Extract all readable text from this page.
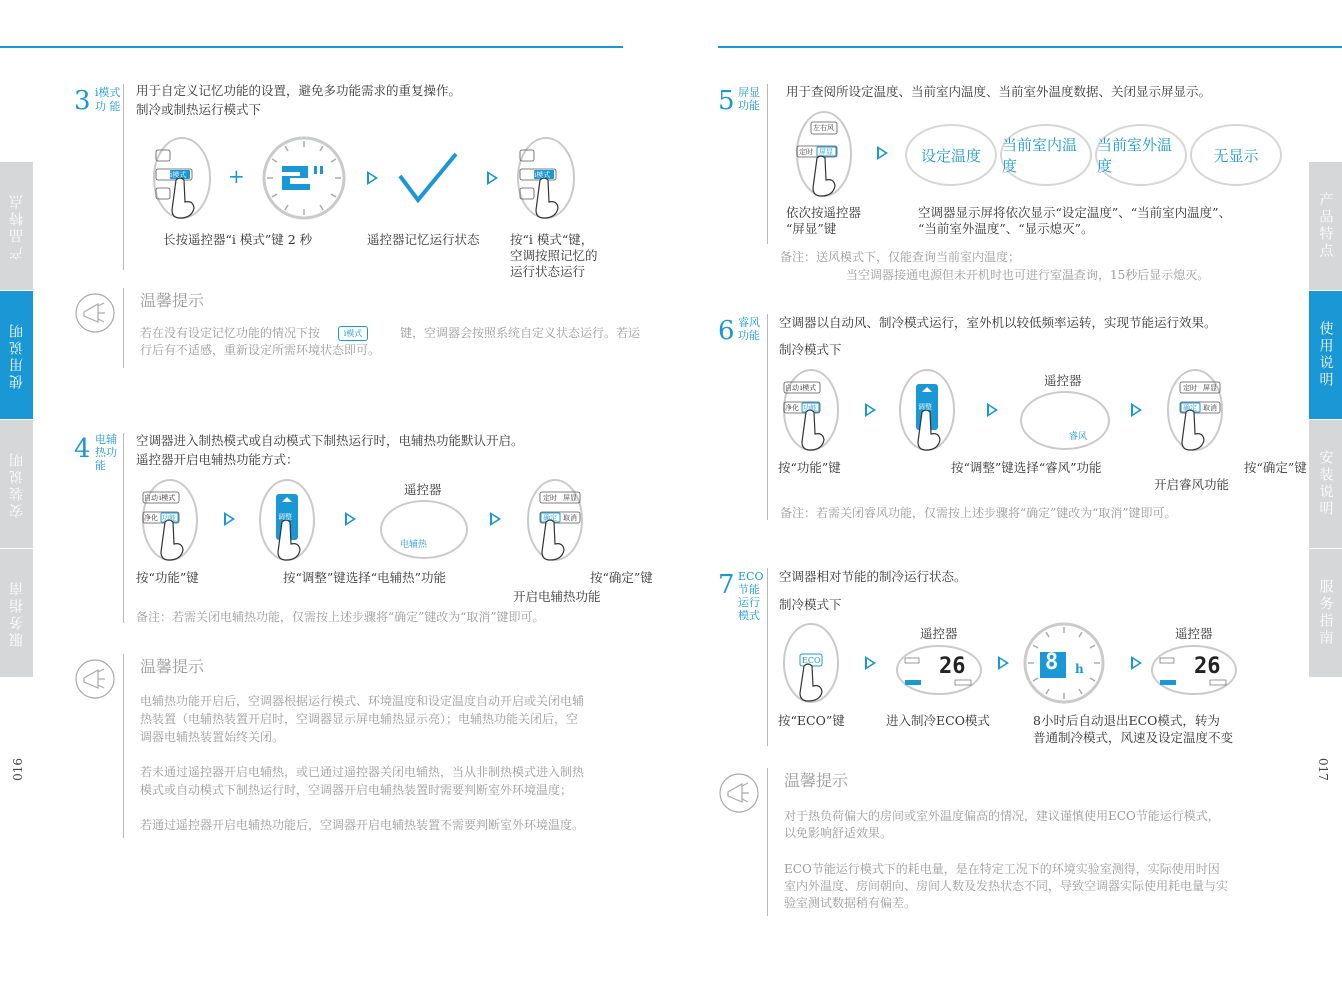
产品特点
使用说明
安装说明
服务指南
产品特点
使用说明
安装说明
服务指南
016	017
3 i模式
功 能
用于自定义记忆功能的设置，避免多功能需求的重复操作。
制冷或制热运行模式下
i模式 +	i模式
长按遥控器“i 模式”键 2 秒	遥控器记忆运行状态 按“i 模式“键，
空调按照记忆的
运行状态运行
温馨提示
若在没有设定记忆功能的情况下按	i模式	键，空调器会按照系统自定义状态运行。若运
行后有不适感，重新设定所需环境状态即可。
4 电辅
热功
能
空调器进入制热模式或自动模式下制热运行时，电辅热功能默认开启。
遥控器开启电辅热功能方式：
自动 i模式
净化 功能	调整
遥控器
电辅热
定时 屏显
确定 取消
按“功能”键	按“调整”键选择“电辅热”功能	按“确定”键
开启电辅热功能
备注：若需关闭电辅热功能，仅需按上述步骤将“确定”键改为“取消”键即可。
温馨提示
电辅热功能开启后，空调器根据运行模式、环境温度和设定温度自动开启或关闭电辅
热装置（电辅热装置开启时，空调器显示屏电辅热显示亮）；电辅热功能关闭后，空
调器电辅热装置始终关闭。
若未通过遥控器开启电辅热，或已通过遥控器关闭电辅热，当从非制热模式进入制热
模式或自动模式下制热运行时，空调器开启电辅热装置时需要判断室外环境温度；
若通过遥控器开启电辅热功能后，空调器开启电辅热装置不需要判断室外环境温度。
5 屏显
功能
用于查阅所设定温度、当前室内温度、当前室外温度数据、关闭显示屏显示。
左右风
定时 屏显	设定温度
当前室内温度
当前室外温度
无显示
依次按遥控器
“屏显”键
空调器显示屏将依次显示“设定温度”、“当前室内温度”、
“当前室外温度”、“显示熄灭”。
备注：送风模式下，仅能查询当前室内温度；
当空调器接通电源但未开机时也可进行室温查询，15秒后显示熄灭。
6 睿风
功能
空调器以自动风、制冷模式运行，室外机以较低频率运转，实现节能运行效果。
制冷模式下
自动 i模式
净化 功能	调整
遥控器
睿风
定时 屏显
确定 取消
按“功能”键	按“调整”键选择“睿风”功能	按“确定”键
开启睿风功能
备注：若需关闭睿风功能，仅需按上述步骤将“确定”键改为“取消”键即可。
7 ECO
节能
运行
模式
空调器相对节能的制冷运行状态。
制冷模式下
ECO
遥控器
26	8 h
遥控器
26
按“ECO”键	进入制冷ECO模式	8小时后自动退出ECO模式，转为
普通制冷模式，风速及设定温度不变
温馨提示
对于热负荷偏大的房间或室外温度偏高的情况，建议谨慎使用ECO节能运行模式，
以免影响舒适效果。
ECO节能运行模式下的耗电量，是在特定工况下的环境实验室测得，实际使用时因
室内外温度、房间朝向、房间人数及发热状态不同，导致空调器实际使用耗电量与实
验室测试数据稍有偏差。
